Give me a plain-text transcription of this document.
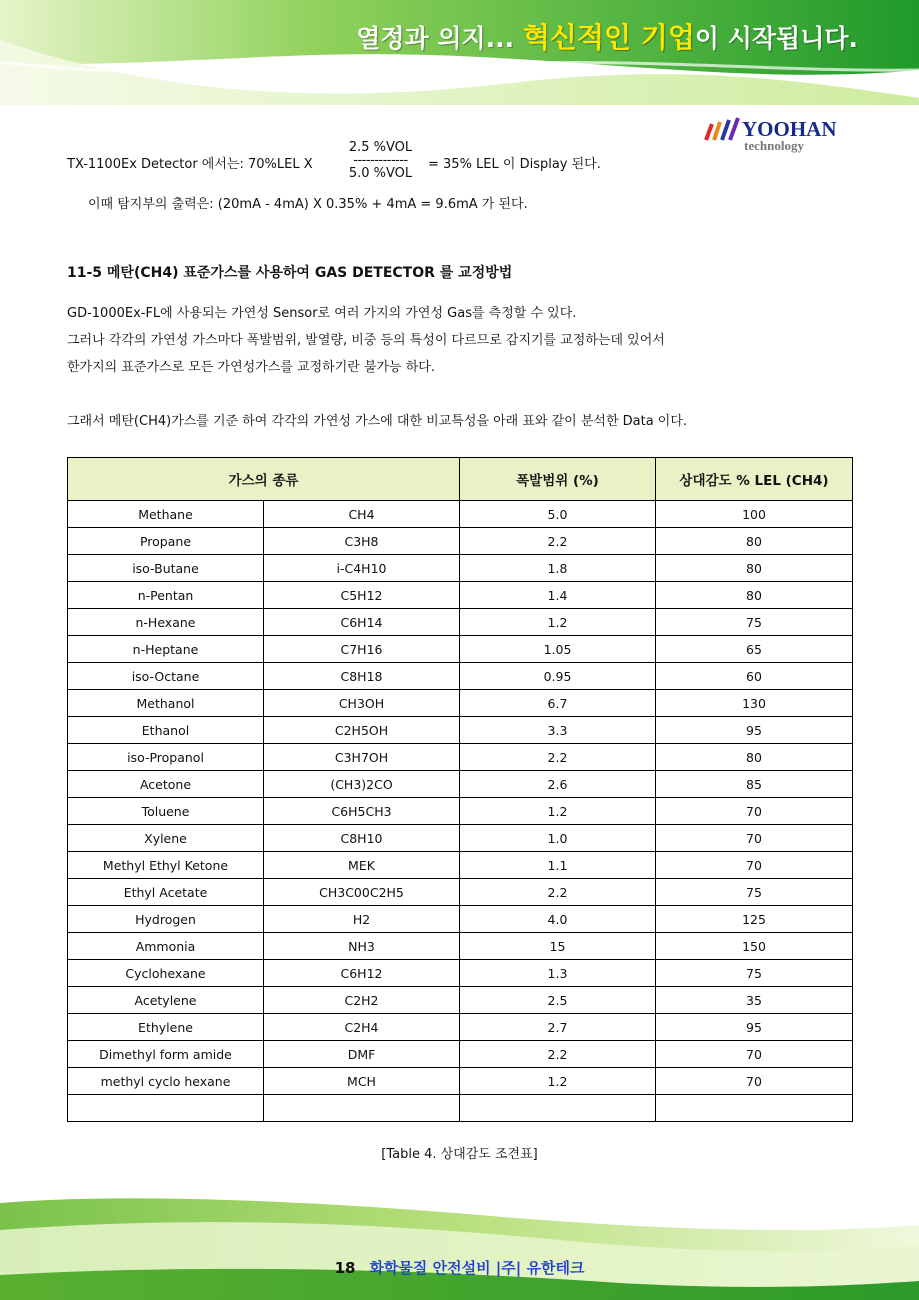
열정과 의지... 혁신적인 기업이 시작됩니다.
YOOHAN
technology
TX-1100Ex Detector 에서는: 70%LEL X
2.5 %VOL
-------------
5.0 %VOL
= 35% LEL 이 Display 된다.
이때 탐지부의 출력은: (20mA - 4mA) X 0.35% + 4mA = 9.6mA 가 된다.
11-5 메탄(CH4) 표준가스를 사용하여 GAS DETECTOR 를 교정방법
GD-1000Ex-FL에 사용되는 가연성 Sensor로 여러 가지의 가연성 Gas를 측정할 수 있다.
그러나 각각의 가연성 가스마다 폭발범위, 발열량, 비중 등의 특성이 다르므로 감지기를 교정하는데 있어서
한가지의 표준가스로 모든 가연성가스를 교정하기란 불가능 하다.
그래서 메탄(CH4)가스를 기준 하여 각각의 가연성 가스에 대한 비교특성을 아래 표와 같이 분석한 Data 이다.
가스의 종류		폭발범위 (%)	상대감도 % LEL (CH4)
Methane	CH4	5.0	100
Propane	C3H8	2.2	80
iso-Butane	i-C4H10	1.8	80
n-Pentan	C5H12	1.4	80
n-Hexane	C6H14	1.2	75
n-Heptane	C7H16	1.05	65
iso-Octane	C8H18	0.95	60
Methanol	CH3OH	6.7	130
Ethanol	C2H5OH	3.3	95
iso-Propanol	C3H7OH	2.2	80
Acetone	(CH3)2CO	2.6	85
Toluene	C6H5CH3	1.2	70
Xylene	C8H10	1.0	70
Methyl Ethyl Ketone	MEK	1.1	70
Ethyl Acetate	CH3C00C2H5	2.2	75
Hydrogen	H2	4.0	125
Ammonia	NH3	15	150
Cyclohexane	C6H12	1.3	75
Acetylene	C2H2	2.5	35
Ethylene	C2H4	2.7	95
Dimethyl form amide	DMF	2.2	70
methyl cyclo hexane	MCH	1.2	70

[Table 4. 상대감도 조견표]
18 화학물질 안전설비 |주| 유한테크
